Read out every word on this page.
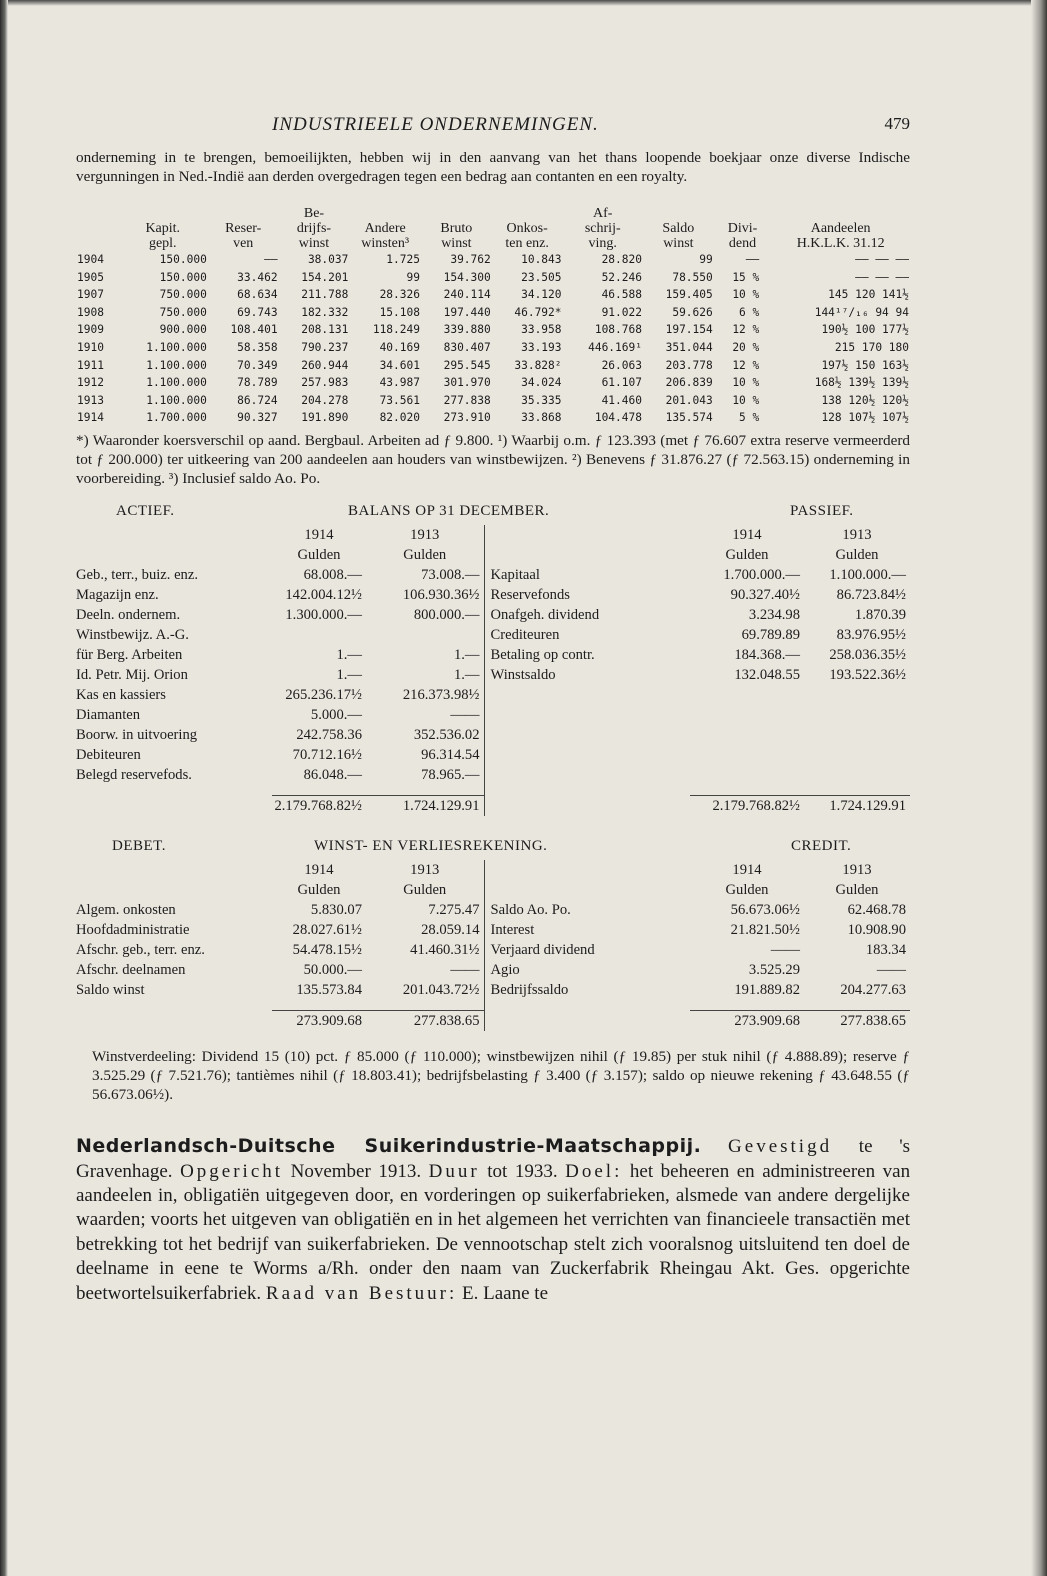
INDUSTRIEELE ONDERNEMINGEN.	479

onderneming in te brengen, bemoeilijkten, hebben wij in den aanvang van het thans loopende boekjaar onze diverse Indische vergunningen in Ned.-Indië aan derden overgedragen tegen een bedrag aan contanten en een royalty.

			Be-				Af-			
	Kapit.	Reser-	drijfs-	Andere	Bruto	Onkos-	schrij-	Saldo	Divi-	Aandeelen
	gepl.	ven	winst	winsten³	winst	ten enz.	ving.	winst	dend	H.K.L.K. 31.12
1904	150.000	——	38.037	1.725	39.762	10.843	28.820	99	——	—— —— ——
1905	150.000	33.462	154.201	99	154.300	23.505	52.246	78.550	15 %	—— —— ——
1907	750.000	68.634	211.788	28.326	240.114	34.120	46.588	159.405	10 %	145 120 141½
1908	750.000	69.743	182.332	15.108	197.440	46.792*	91.022	59.626	6 %	144¹⁷/₁₆ 94 94
1909	900.000	108.401	208.131	118.249	339.880	33.958	108.768	197.154	12 %	190½ 100 177½
1910	1.100.000	58.358	790.237	40.169	830.407	33.193	446.169¹	351.044	20 %	215 170 180
1911	1.100.000	70.349	260.944	34.601	295.545	33.828²	26.063	203.778	12 %	197½ 150 163½
1912	1.100.000	78.789	257.983	43.987	301.970	34.024	61.107	206.839	10 %	168½ 139½ 139½
1913	1.100.000	86.724	204.278	73.561	277.838	35.335	41.460	201.043	10 %	138 120½ 120½
1914	1.700.000	90.327	191.890	82.020	273.910	33.868	104.478	135.574	5 %	128 107½ 107½

*) Waaronder koersverschil op aand. Bergbaul. Arbeiten ad ƒ 9.800. ¹) Waarbij o.m. ƒ 123.393 (met ƒ 76.607 extra reserve vermeerderd tot ƒ 200.000) ter uitkeering van 200 aandeelen aan houders van winstbewijzen. ²) Benevens ƒ 31.876.27 (ƒ 72.563.15) onderneming in voorbereiding. ³) Inclusief saldo Ao. Po.

ACTIEF.	BALANS OP 31 DECEMBER.	PASSIEF.
	1914	1913		1914	1913
	Gulden	Gulden		Gulden	Gulden
Geb., terr., buiz. enz.	68.008.—	73.008.—	Kapitaal	1.700.000.—	1.100.000.—
Magazijn enz.	142.004.12½	106.930.36½	Reservefonds	90.327.40½	86.723.84½
Deeln. ondernem.	1.300.000.—	800.000.—	Onafgeh. dividend	3.234.98	1.870.39
Winstbewijz. A.-G.			Crediteuren	69.789.89	83.976.95½
für Berg. Arbeiten	1.—	1.—	Betaling op contr.	184.368.—	258.036.35½
Id. Petr. Mij. Orion	1.—	1.—	Winstsaldo	132.048.55	193.522.36½
Kas en kassiers	265.236.17½	216.373.98½			
Diamanten	5.000.—	——			
Boorw. in uitvoering	242.758.36	352.536.02			
Debiteuren	70.712.16½	96.314.54			
Belegd reservefods.	86.048.—	78.965.—			

	2.179.768.82½	1.724.129.91		2.179.768.82½	1.724.129.91
DEBET.	WINST- EN VERLIESREKENING.	CREDIT.
	1914	1913		1914	1913
	Gulden	Gulden		Gulden	Gulden
Algem. onkosten	5.830.07	7.275.47	Saldo Ao. Po.	56.673.06½	62.468.78
Hoofdadministratie	28.027.61½	28.059.14	Interest	21.821.50½	10.908.90
Afschr. geb., terr. enz.	54.478.15½	41.460.31½	Verjaard dividend	——	183.34
Afschr. deelnamen	50.000.—	——	Agio	3.525.29	——
Saldo winst	135.573.84	201.043.72½	Bedrijfssaldo	191.889.82	204.277.63

	273.909.68	277.838.65		273.909.68	277.838.65

Winstverdeeling: Dividend 15 (10) pct. ƒ 85.000 (ƒ 110.000); winstbewijzen nihil (ƒ 19.85) per stuk nihil (ƒ 4.888.89); reserve ƒ 3.525.29 (ƒ 7.521.76); tantièmes nihil (ƒ 18.803.41); bedrijfsbelasting ƒ 3.400 (ƒ 3.157); saldo op nieuwe rekening ƒ 43.648.55 (ƒ 56.673.06½).

Nederlandsch-Duitsche Suikerindustrie-Maatschappij. Gevestigd te 's Gravenhage. Opgericht November 1913. Duur tot 1933. Doel: het beheeren en administreeren van aandeelen in, obligatiën uitgegeven door, en vorderingen op suikerfabrieken, alsmede van andere dergelijke waarden; voorts het uitgeven van obligatiën en in het algemeen het verrichten van financieele transactiën met betrekking tot het bedrijf van suikerfabrieken. De vennootschap stelt zich vooralsnog uitsluitend ten doel de deelname in eene te Worms a/Rh. onder den naam van Zuckerfabrik Rheingau Akt. Ges. opgerichte beetwortelsuikerfabriek. Raad van Bestuur: E. Laane te
